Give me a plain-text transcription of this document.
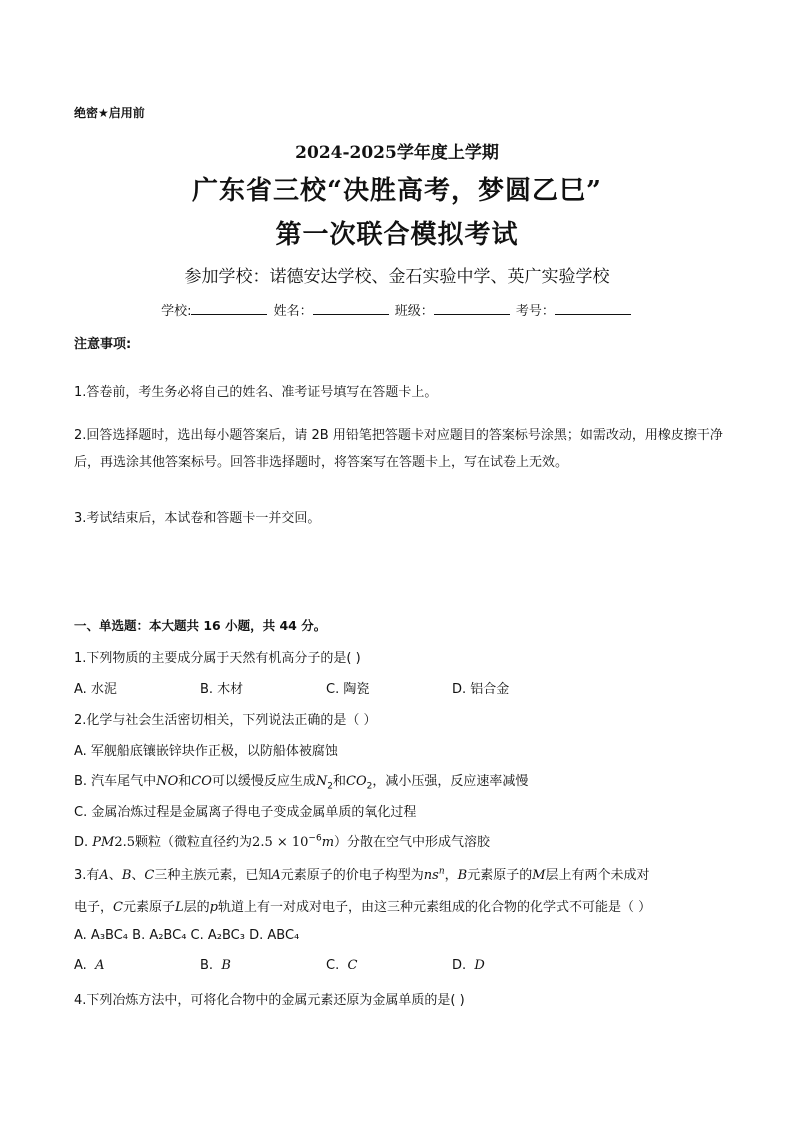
绝密★启用前
2024-2025学年度上学期
广东省三校“决胜高考，梦圆乙巳”
第一次联合模拟考试
参加学校：诺德安达学校、金石实验中学、英广实验学校
学校:	姓名：	班级：	考号：
注意事项:
1.答卷前，考生务必将自己的姓名、准考证号填写在答题卡上。
2.回答选择题时，选出每小题答案后，请 2B 用铅笔把答题卡对应题目的答案标号涂黑；如需改动，用橡皮擦干净后，再选涂其他答案标号。回答非选择题时，将答案写在答题卡上，写在试卷上无效。
3.考试结束后，本试卷和答题卡一并交回。
一、单选题：本大题共 16 小题，共 44 分。
1.下列物质的主要成分属于天然有机高分子的是( )
A. 水泥	B. 木材	C. 陶瓷	D. 铝合金
2.化学与社会生活密切相关，下列说法正确的是（ ）
A. 军舰船底镶嵌锌块作正极，以防船体被腐蚀
B. 汽车尾气中NO和CO可以缓慢反应生成$N_2$和$CO_2$，减小压强，反应速率减慢
C. 金属冶炼过程是金属离子得电子变成金属单质的氧化过程
D. PM2.5颗粒（微粒直径约为$2.5 \times 10^{-6}m$）分散在空气中形成气溶胶
3.有A、B、C三种主族元素，已知A元素原子的价电子构型为$ns^n$，B元素原子的M层上有两个未成对
电子，C元素原子L层的p轨道上有一对成对电子，由这三种元素组成的化合物的化学式不可能是（ ）
A. A₃BC₄ B. A₂BC₄ C. A₂BC₃ D. ABC₄
A. A	B. B	C. C	D. D
4.下列冶炼方法中，可将化合物中的金属元素还原为金属单质的是( )
